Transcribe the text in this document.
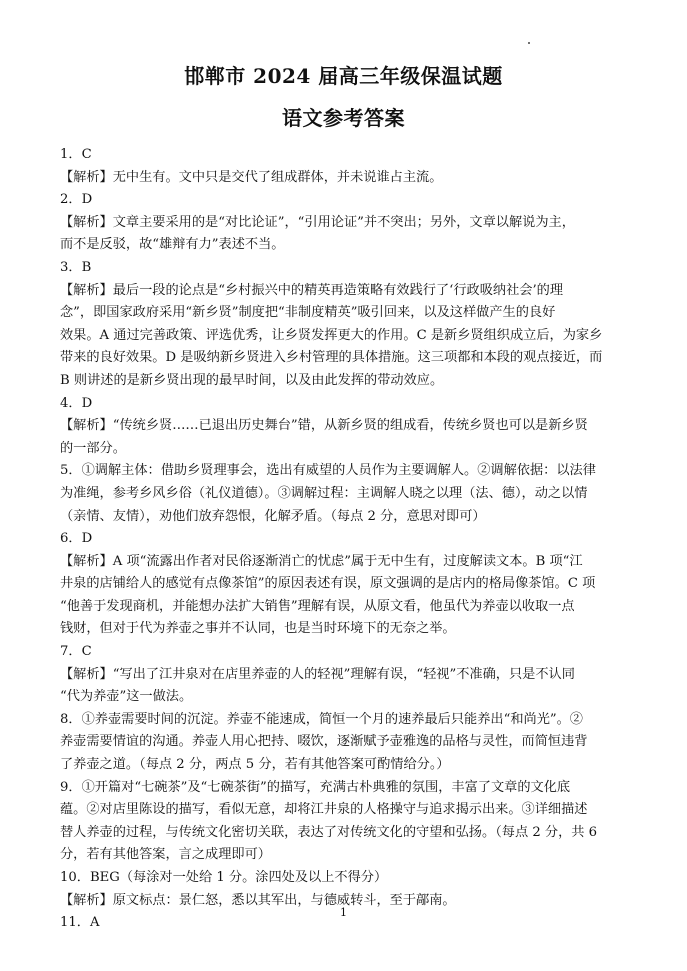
邯郸市 2024 届高三年级保温试题
语文参考答案
1．C
【解析】无中生有。文中只是交代了组成群体，并未说谁占主流。
2．D
【解析】文章主要采用的是“对比论证”，“引用论证”并不突出；另外，文章以解说为主，
而不是反驳，故“雄辩有力”表述不当。
3．B
【解析】最后一段的论点是“乡村振兴中的精英再造策略有效践行了‘行政吸纳社会’的理
念”，即国家政府采用“新乡贤”制度把“非制度精英”吸引回来，以及这样做产生的良好
效果。A 通过完善政策、评选优秀，让乡贤发挥更大的作用。C 是新乡贤组织成立后，为家乡
带来的良好效果。D 是吸纳新乡贤进入乡村管理的具体措施。这三项都和本段的观点接近，而
B 则讲述的是新乡贤出现的最早时间，以及由此发挥的带动效应。
4．D
【解析】“传统乡贤……已退出历史舞台”错，从新乡贤的组成看，传统乡贤也可以是新乡贤
的一部分。
5．①调解主体：借助乡贤理事会，选出有威望的人员作为主要调解人。②调解依据：以法律
为准绳，参考乡风乡俗（礼仪道德）。③调解过程：主调解人晓之以理（法、德），动之以情
（亲情、友情），劝他们放弃怨恨，化解矛盾。（每点 2 分，意思对即可）
6．D
【解析】A 项“流露出作者对民俗逐渐消亡的忧虑”属于无中生有，过度解读文本。B 项“江
井泉的店铺给人的感觉有点像茶馆”的原因表述有误，原文强调的是店内的格局像茶馆。C 项
“他善于发现商机，并能想办法扩大销售”理解有误，从原文看，他虽代为养壶以收取一点
钱财，但对于代为养壶之事并不认同，也是当时环境下的无奈之举。
7．C
【解析】“写出了江井泉对在店里养壶的人的轻视”理解有误，“轻视”不准确，只是不认同
“代为养壶”这一做法。
8．①养壶需要时间的沉淀。养壶不能速成，简恒一个月的速养最后只能养出“和尚光”。②
养壶需要情谊的沟通。养壶人用心把持、啜饮，逐渐赋予壶雅逸的品格与灵性，而简恒违背
了养壶之道。（每点 2 分，两点 5 分，若有其他答案可酌情给分。）
9．①开篇对“七碗茶”及“七碗茶街”的描写，充满古朴典雅的氛围，丰富了文章的文化底
蕴。②对店里陈设的描写，看似无意，却将江井泉的人格操守与追求揭示出来。③详细描述
替人养壶的过程，与传统文化密切关联，表达了对传统文化的守望和弘扬。（每点 2 分，共 6
分，若有其他答案，言之成理即可）
10．BEG（每涂对一处给 1 分。涂四处及以上不得分）
【解析】原文标点：景仁怒，悉以其军出，与德威转斗，至于鄗南。
11．A
1
